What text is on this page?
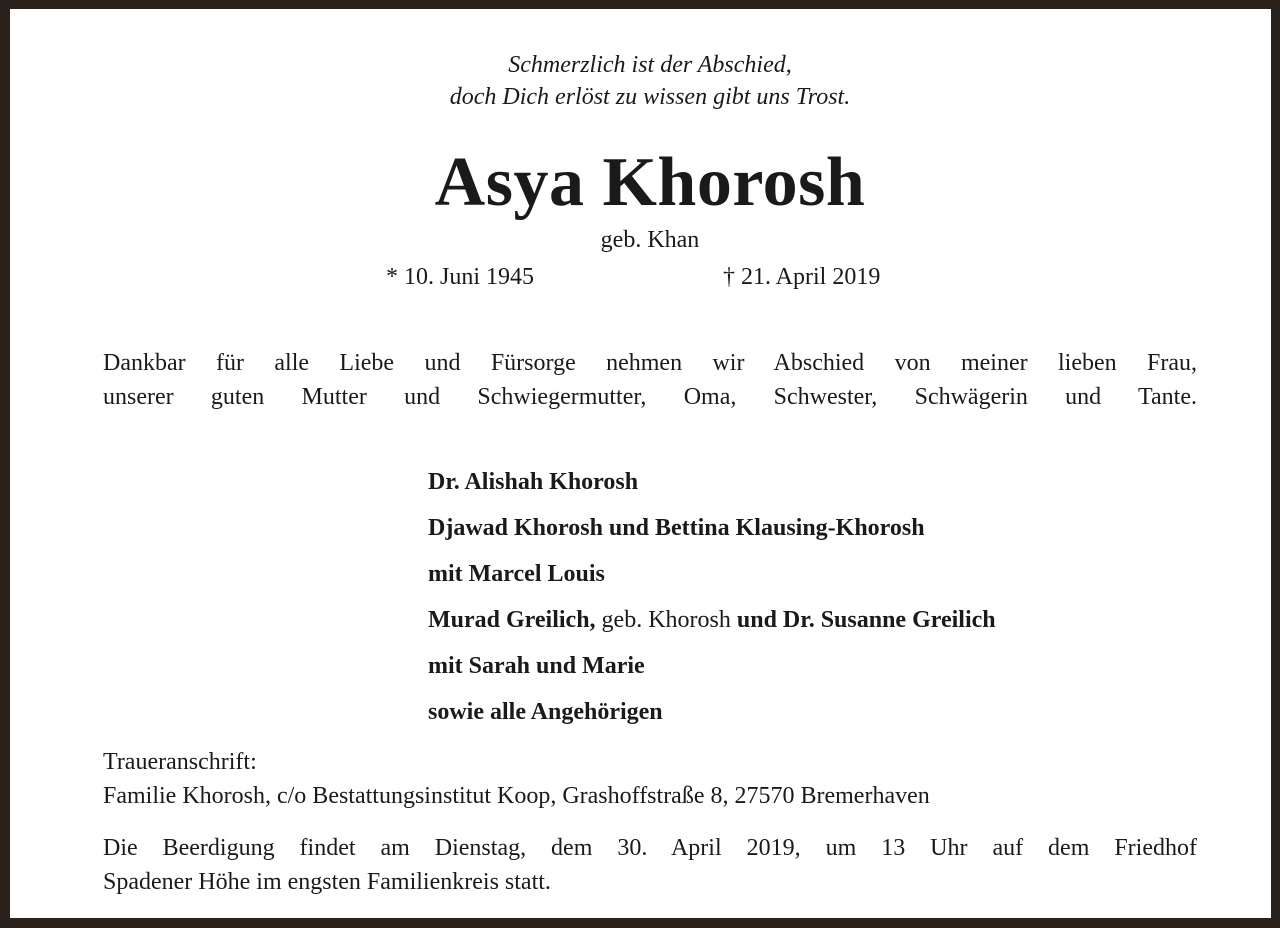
Schmerzlich ist der Abschied,
doch Dich erlöst zu wissen gibt uns Trost.
Asya Khorosh
geb. Khan
* 10. Juni 1945	† 21. April 2019
Dankbar für alle Liebe und Fürsorge nehmen wir Abschied von meiner lieben Frau,
unserer guten Mutter und Schwiegermutter, Oma, Schwester, Schwägerin und Tante.
Dr. Alishah Khorosh
Djawad Khorosh und Bettina Klausing-Khorosh
mit Marcel Louis
Murad Greilich, geb. Khorosh und Dr. Susanne Greilich
mit Sarah und Marie
sowie alle Angehörigen
Traueranschrift:
Familie Khorosh, c/o Bestattungsinstitut Koop, Grashoffstraße 8, 27570 Bremerhaven
Die Beerdigung findet am Dienstag, dem 30. April 2019, um 13 Uhr auf dem Friedhof
Spadener Höhe im engsten Familienkreis statt.
